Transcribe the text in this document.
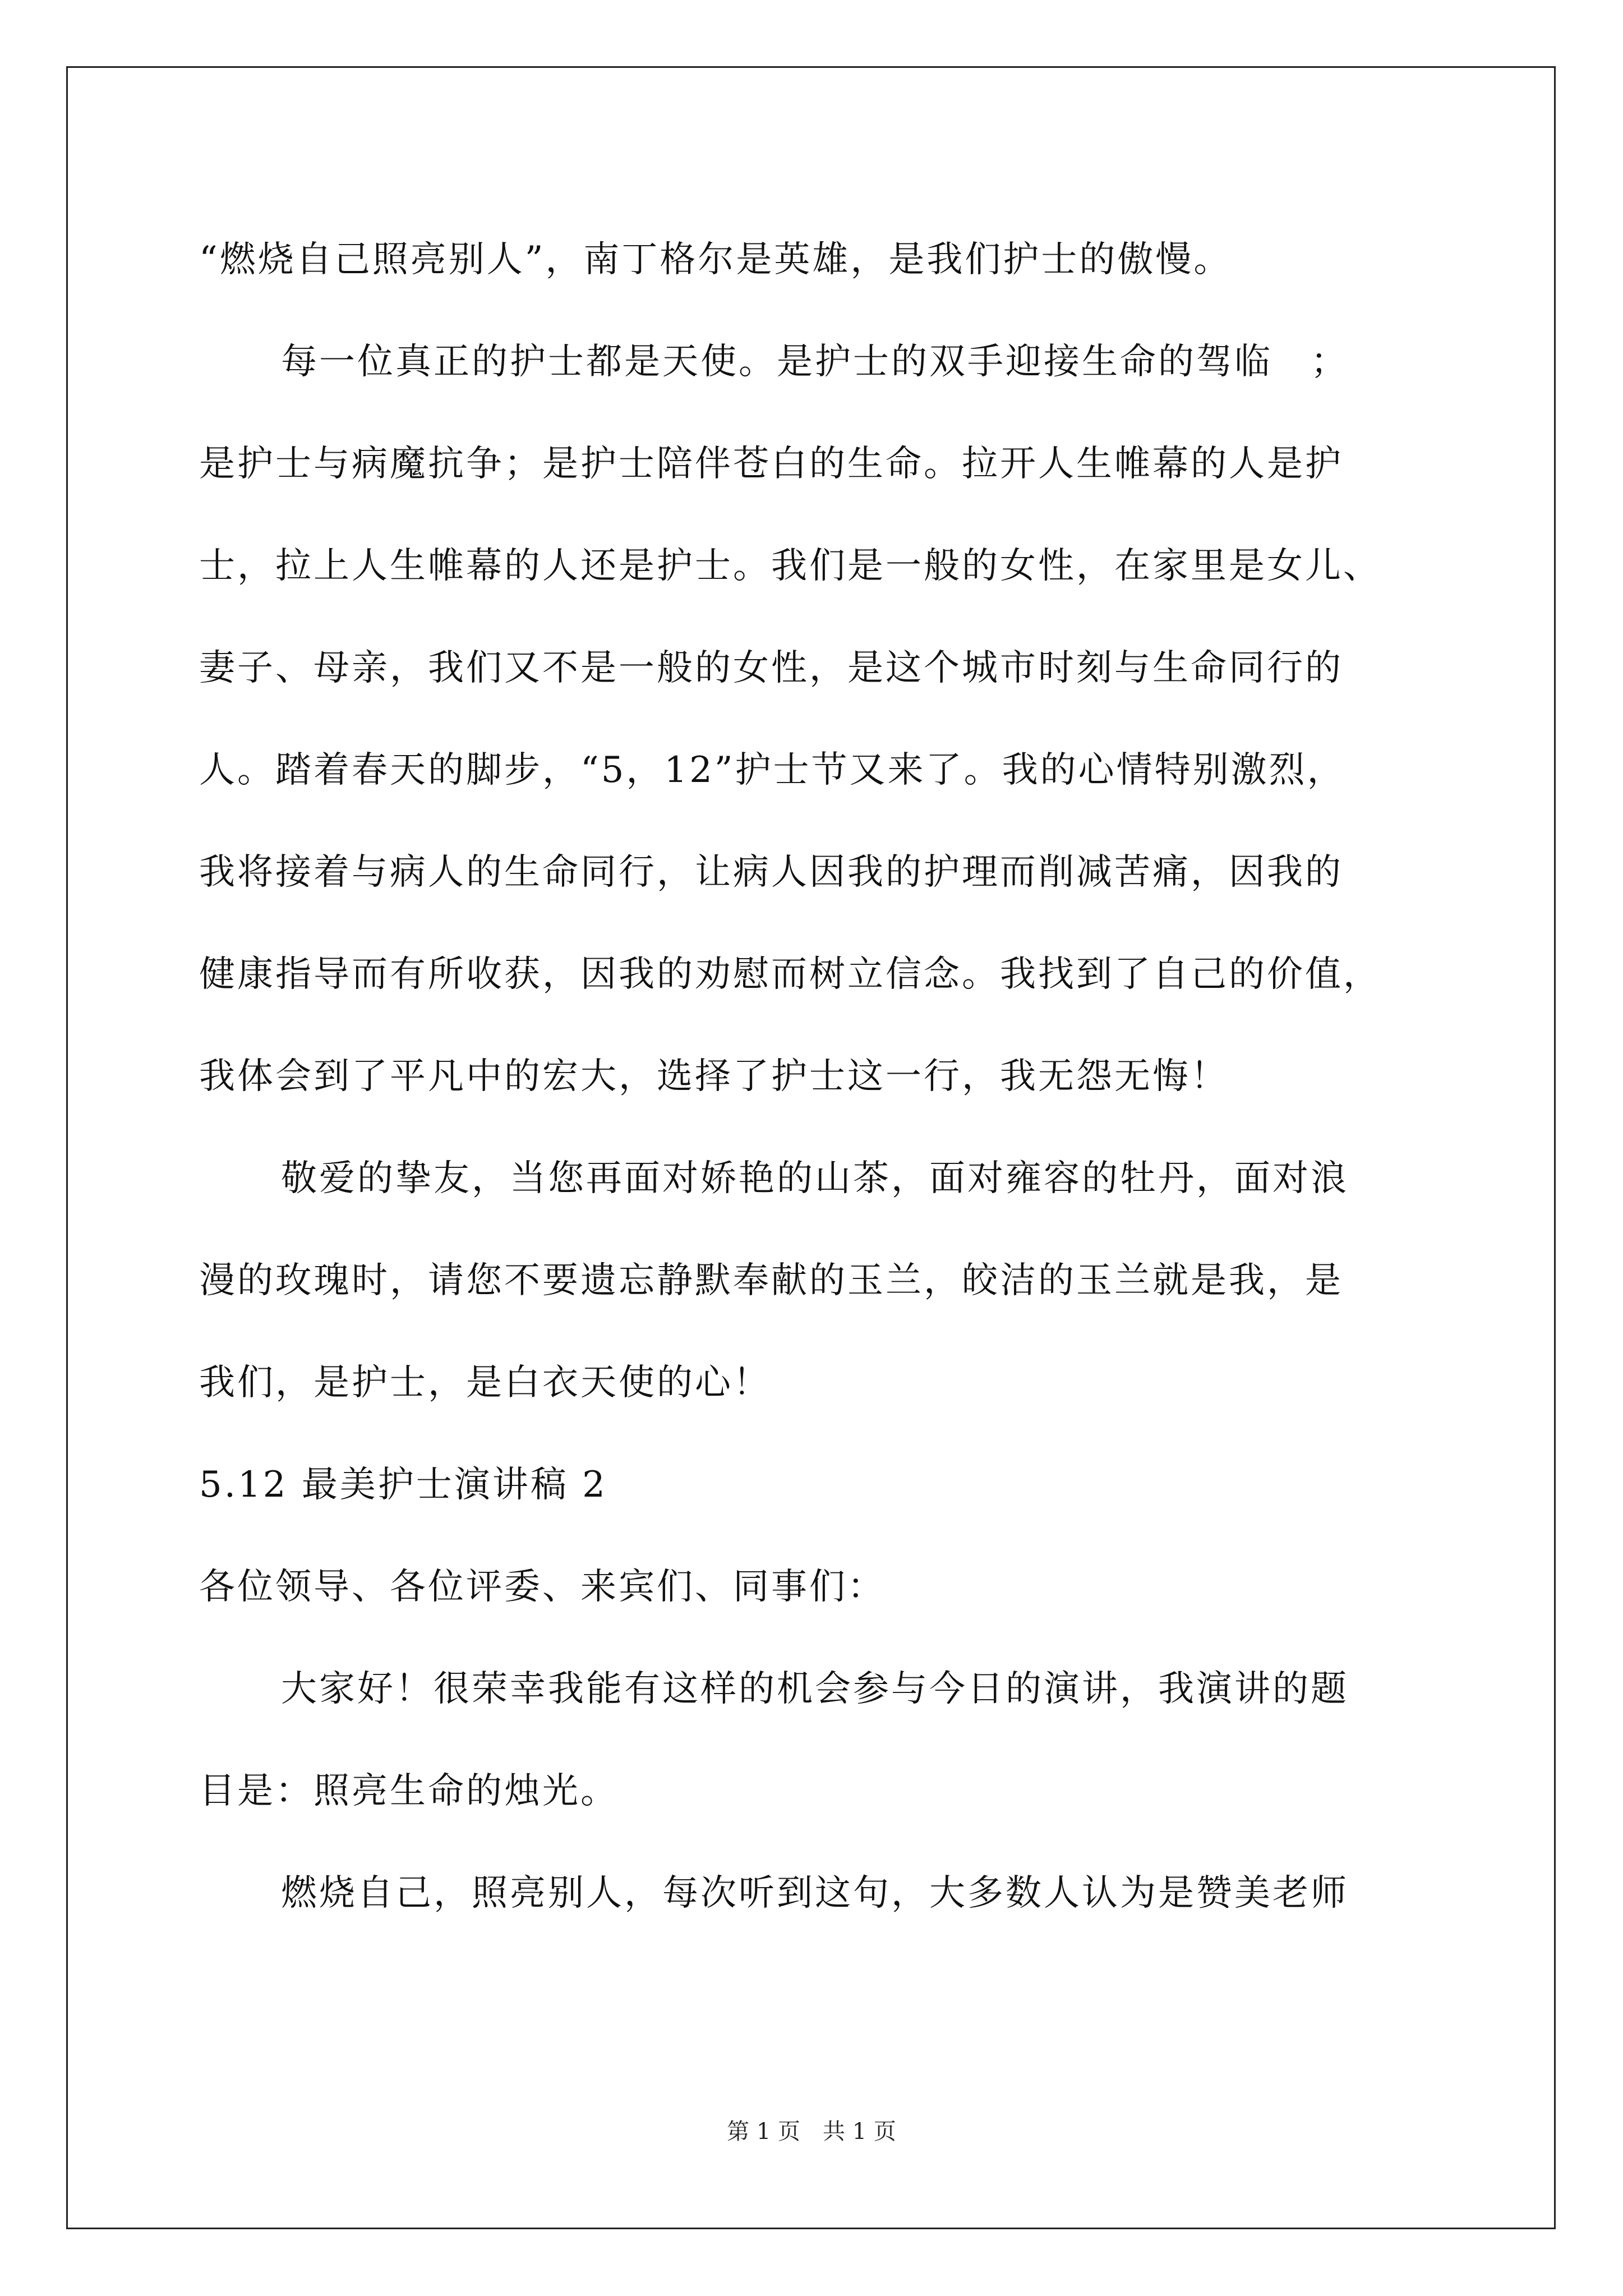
“燃烧自己照亮别人”，南丁格尔是英雄，是我们护士的傲慢。
每一位真正的护士都是天使。是护士的双手迎接生命的驾临　；
是护士与病魔抗争；是护士陪伴苍白的生命。拉开人生帷幕的人是护
士，拉上人生帷幕的人还是护士。我们是一般的女性，在家里是女儿、
妻子、母亲，我们又不是一般的女性，是这个城市时刻与生命同行的
人。踏着春天的脚步，“5，12”护士节又来了。我的心情特别激烈，
我将接着与病人的生命同行，让病人因我的护理而削减苦痛，因我的
健康指导而有所收获，因我的劝慰而树立信念。我找到了自己的价值，
我体会到了平凡中的宏大，选择了护士这一行，我无怨无悔！
敬爱的挚友，当您再面对娇艳的山茶，面对雍容的牡丹，面对浪
漫的玫瑰时，请您不要遗忘静默奉献的玉兰，皎洁的玉兰就是我，是
我们，是护士，是白衣天使的心！
5.12 最美护士演讲稿 2
各位领导、各位评委、来宾们、同事们：
大家好！很荣幸我能有这样的机会参与今日的演讲，我演讲的题
目是：照亮生命的烛光。
燃烧自己，照亮别人，每次听到这句，大多数人认为是赞美老师
第 1 页　共 1 页
